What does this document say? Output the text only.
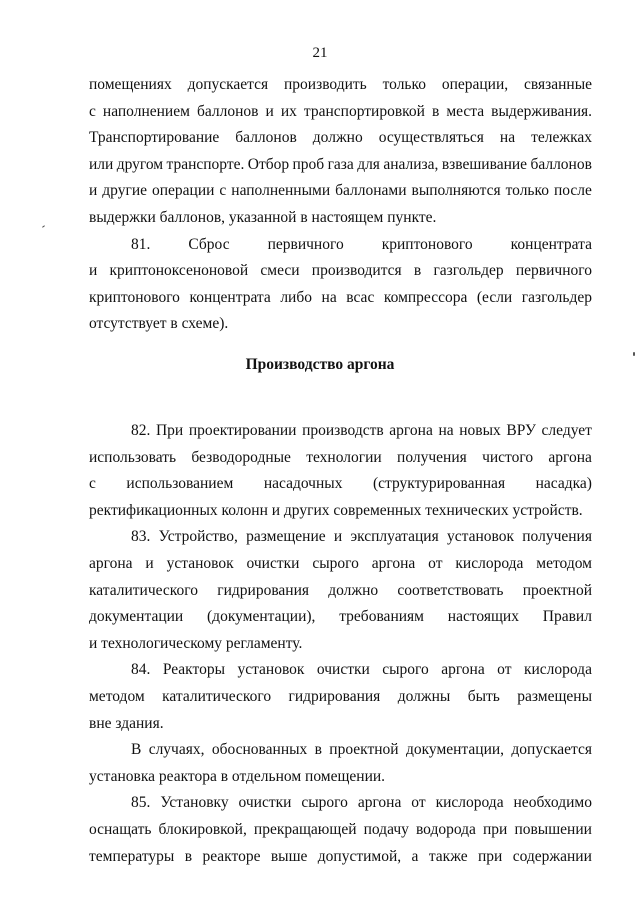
21
помещениях допускается производить только операции, связанные
с наполнением баллонов и их транспортировкой в места выдерживания.
Транспортирование баллонов должно осуществляться на тележках
или другом транспорте. Отбор проб газа для анализа, взвешивание баллонов
и другие операции с наполненными баллонами выполняются только после
выдержки баллонов, указанной в настоящем пункте.
81. Сброс первичного криптонового концентрата
и криптоноксеноновой смеси производится в газгольдер первичного
криптонового концентрата либо на всас компрессора (если газгольдер
отсутствует в схеме).
Производство аргона
82. При проектировании производств аргона на новых ВРУ следует
использовать безводородные технологии получения чистого аргона
с использованием насадочных (структурированная насадка)
ректификационных колонн и других современных технических устройств.
83. Устройство, размещение и эксплуатация установок получения
аргона и установок очистки сырого аргона от кислорода методом
каталитического гидрирования должно соответствовать проектной
документации (документации), требованиям настоящих Правил
и технологическому регламенту.
84. Реакторы установок очистки сырого аргона от кислорода
методом каталитического гидрирования должны быть размещены
вне здания.
В случаях, обоснованных в проектной документации, допускается
установка реактора в отдельном помещении.
85. Установку очистки сырого аргона от кислорода необходимо
оснащать блокировкой, прекращающей подачу водорода при повышении
температуры в реакторе выше допустимой, а также при содержании
